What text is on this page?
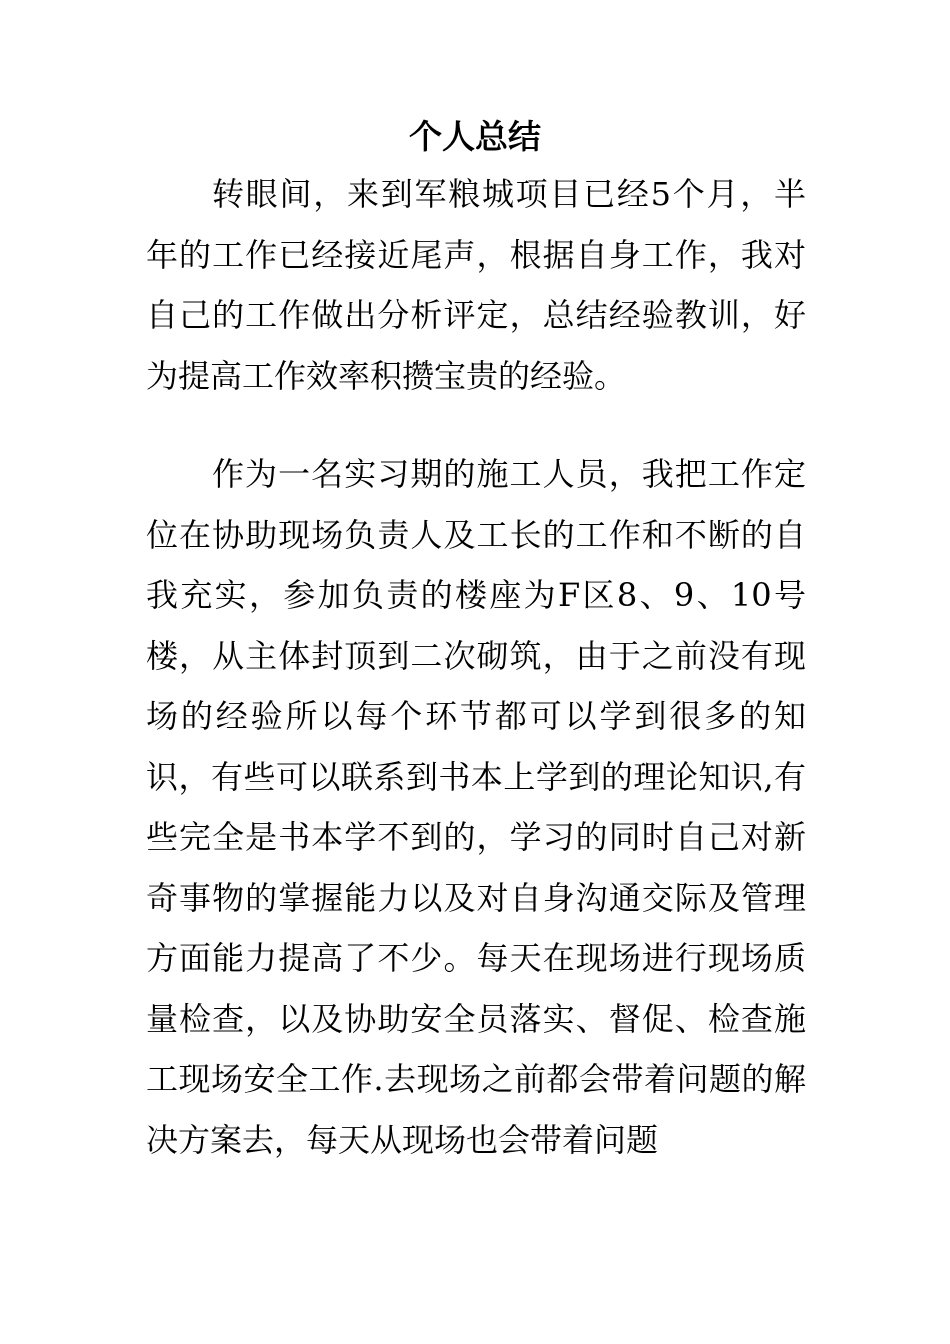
个人总结

转眼间，来到军粮城项目已经5个月，半年的工作已经接近尾声，根据自身工作，我对自己的工作做出分析评定，总结经验教训，好为提高工作效率积攒宝贵的经验。

作为一名实习期的施工人员，我把工作定位在协助现场负责人及工长的工作和不断的自我充实，参加负责的楼座为F区8、9、10号楼，从主体封顶到二次砌筑，由于之前没有现场的经验所以每个环节都可以学到很多的知识，有些可以联系到书本上学到的理论知识,有些完全是书本学不到的，学习的同时自己对新奇事物的掌握能力以及对自身沟通交际及管理方面能力提高了不少。每天在现场进行现场质量检查，以及协助安全员落实、督促、检查施工现场安全工作.去现场之前都会带着问题的解决方案去，每天从现场也会带着问题
